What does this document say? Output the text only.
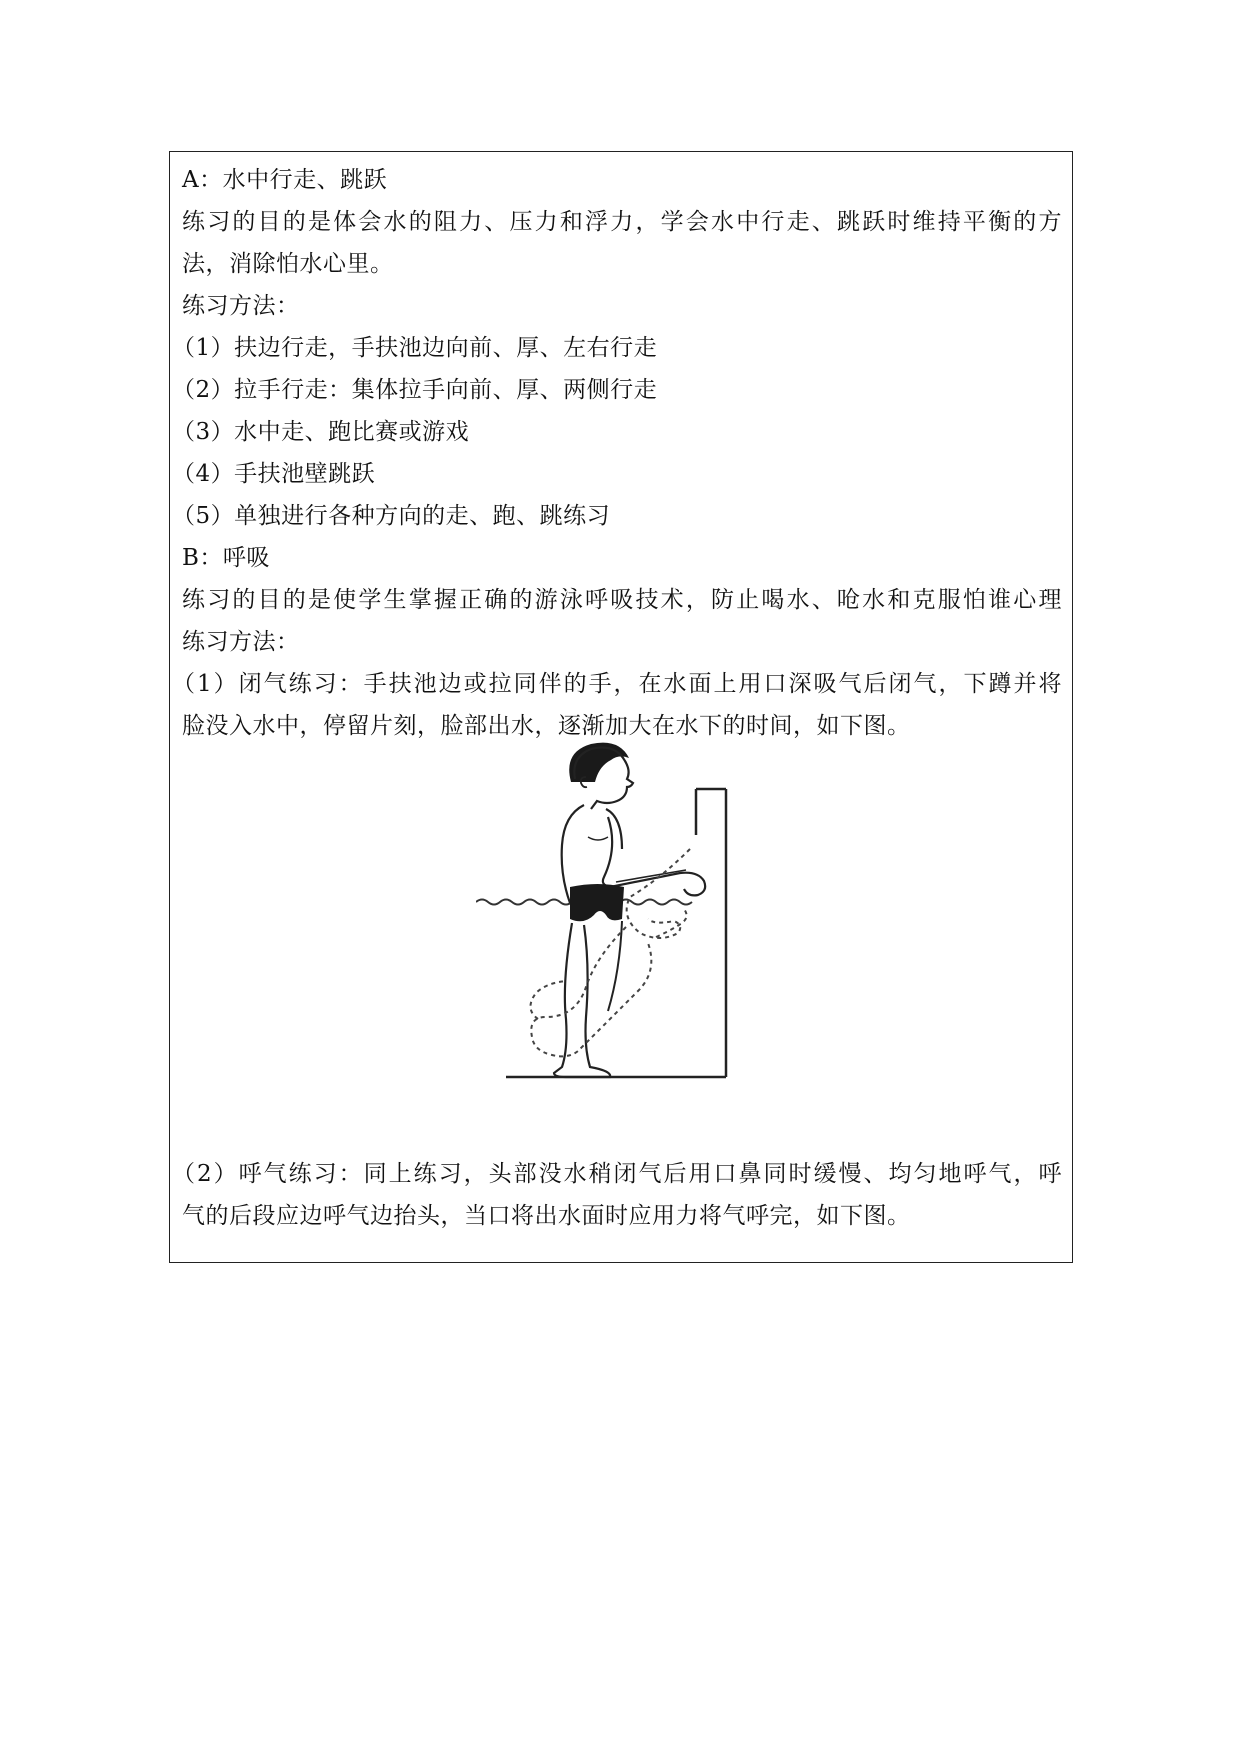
A：水中行走、跳跃
练习的目的是体会水的阻力、压力和浮力，学会水中行走、跳跃时维持平衡的方
法，消除怕水心里。
练习方法：
（1）扶边行走，手扶池边向前、厚、左右行走
（2）拉手行走：集体拉手向前、厚、两侧行走
（3）水中走、跑比赛或游戏
（4）手扶池壁跳跃
（5）单独进行各种方向的走、跑、跳练习
B：呼吸
练习的目的是使学生掌握正确的游泳呼吸技术，防止喝水、呛水和克服怕谁心理
练习方法：
（1）闭气练习：手扶池边或拉同伴的手，在水面上用口深吸气后闭气，下蹲并将
脸没入水中，停留片刻，脸部出水，逐渐加大在水下的时间，如下图。
（2）呼气练习：同上练习，头部没水稍闭气后用口鼻同时缓慢、均匀地呼气，呼
气的后段应边呼气边抬头，当口将出水面时应用力将气呼完，如下图。
